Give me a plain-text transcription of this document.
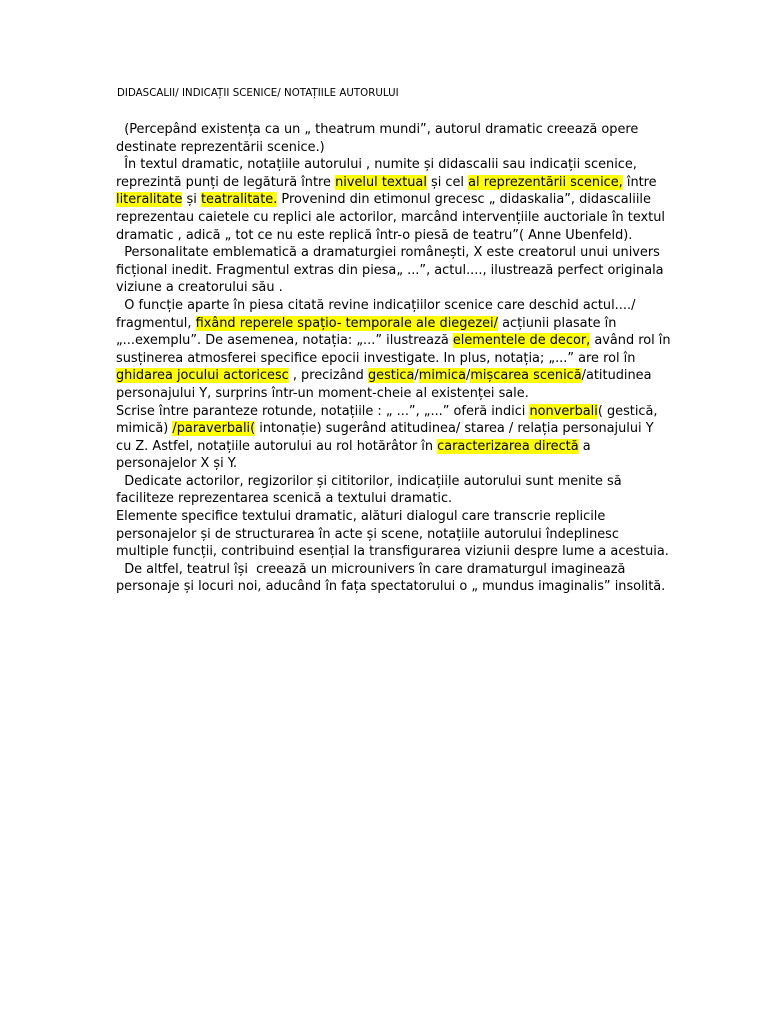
DIDASCALII/ INDICAȚII SCENICE/ NOTAȚIILE AUTORULUI

(Percepând existența ca un „ theatrum mundi”, autorul dramatic creează opere

destinate reprezentării scenice.)

În textul dramatic, notațiile autorului , numite și didascalii sau indicații scenice,

reprezintă punți de legătură între nivelul textual și cel al reprezentării scenice, între

literalitate și teatralitate. Provenind din etimonul grecesc „ didaskalia”, didascaliile

reprezentau caietele cu replici ale actorilor, marcând intervențiile auctoriale în textul

dramatic , adică „ tot ce nu este replică într-o piesă de teatru”( Anne Ubenfeld).

Personalitate emblematică a dramaturgiei românești, X este creatorul unui univers

ficțional inedit. Fragmentul extras din piesa„ ...”, actul...., ilustrează perfect originala

viziune a creatorului său .

O funcție aparte în piesa citată revine indicațiilor scenice care deschid actul..../

fragmentul, fixând reperele spațio- temporale ale diegezei/ acțiunii plasate în

„...exemplu”. De asemenea, notația: „...” ilustrează elementele de decor, având rol în

susținerea atmosferei specifice epocii investigate. In plus, notația; „...” are rol în

ghidarea jocului actoricesc , precizând gestica/mimica/mișcarea scenică/atitudinea

personajului Y, surprins într-un moment-cheie al existenței sale.

Scrise între paranteze rotunde, notațiile : „ ...”, „...” oferă indici nonverbali( gestică,

mimică) /paraverbali( intonație) sugerând atitudinea/ starea / relația personajului Y

cu Z. Astfel, notațiile autorului au rol hotărâtor în caracterizarea directă a

personajelor X și Y.

Dedicate actorilor, regizorilor și cititorilor, indicațiile autorului sunt menite să

faciliteze reprezentarea scenică a textului dramatic.

Elemente specifice textului dramatic, alături dialogul care transcrie replicile

personajelor și de structurarea în acte și scene, notațiile autorului îndeplinesc

multiple funcții, contribuind esențial la transfigurarea viziunii despre lume a acestuia.

De altfel, teatrul își  creează un microunivers în care dramaturgul imaginează

personaje și locuri noi, aducând în fața spectatorului o „ mundus imaginalis” insolită.
